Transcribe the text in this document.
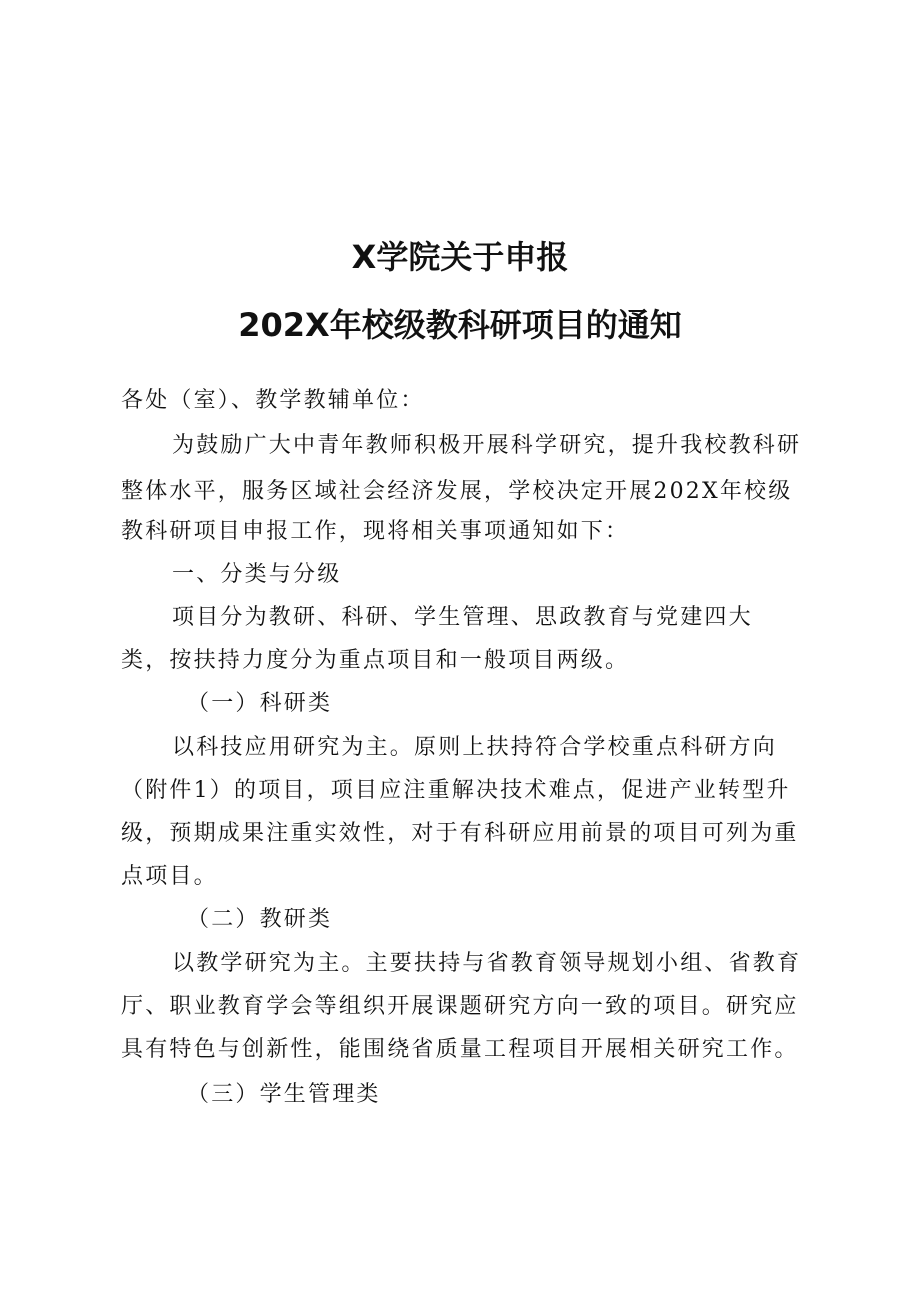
X学院关于申报
202X年校级教科研项目的通知
各处（室）、教学教辅单位：
为鼓励广大中青年教师积极开展科学研究，提升我校教科研
整体水平，服务区域社会经济发展，学校决定开展202X年校级
教科研项目申报工作，现将相关事项通知如下：
一、分类与分级
项目分为教研、科研、学生管理、思政教育与党建四大
类，按扶持力度分为重点项目和一般项目两级。
（一）科研类
以科技应用研究为主。原则上扶持符合学校重点科研方向
（附件1）的项目，项目应注重解决技术难点，促进产业转型升
级，预期成果注重实效性，对于有科研应用前景的项目可列为重
点项目。
（二）教研类
以教学研究为主。主要扶持与省教育领导规划小组、省教育
厅、职业教育学会等组织开展课题研究方向一致的项目。研究应
具有特色与创新性，能围绕省质量工程项目开展相关研究工作。
（三）学生管理类
